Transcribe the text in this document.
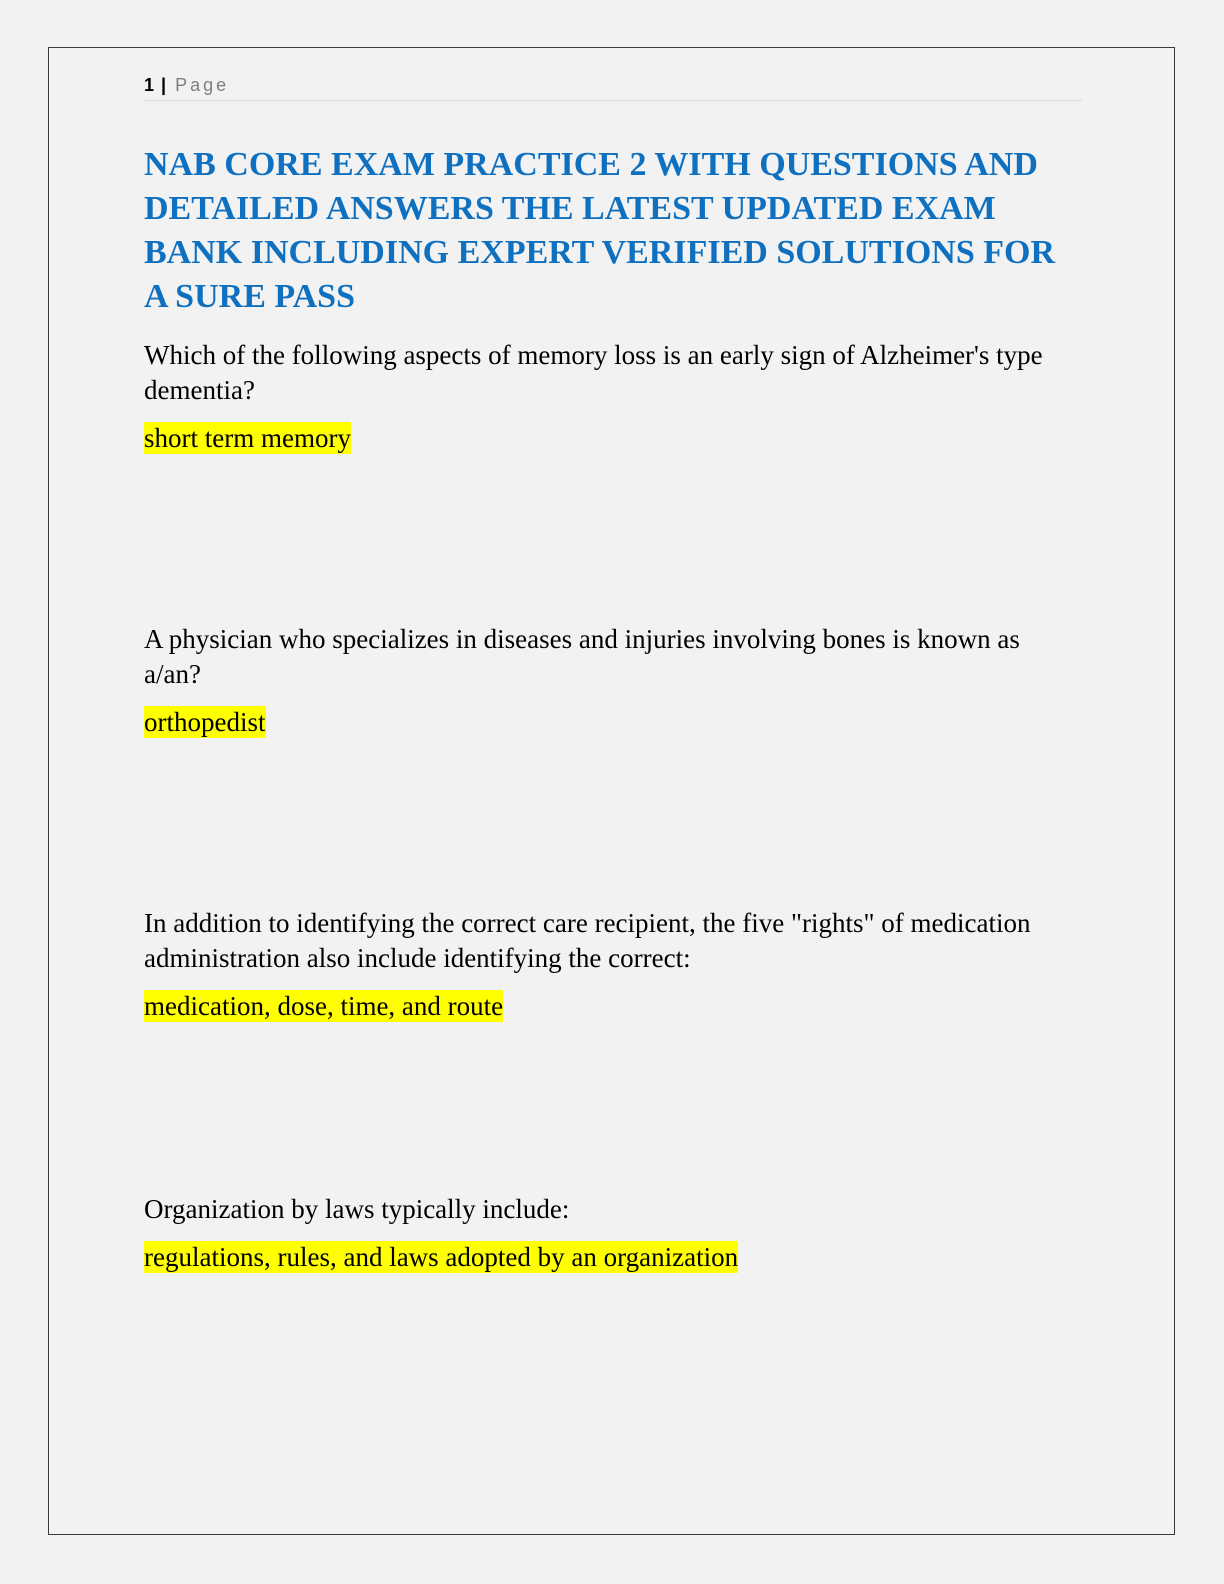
1 | Page
NAB CORE EXAM PRACTICE 2 WITH QUESTIONS AND DETAILED ANSWERS THE LATEST UPDATED EXAM BANK INCLUDING EXPERT VERIFIED SOLUTIONS FOR A SURE PASS

Which of the following aspects of memory loss is an early sign of Alzheimer's type dementia?

short term memory

A physician who specializes in diseases and injuries involving bones is known as a/an?

orthopedist

In addition to identifying the correct care recipient, the five "rights" of medication administration also include identifying the correct:

medication, dose, time, and route

Organization by laws typically include:

regulations, rules, and laws adopted by an organization
